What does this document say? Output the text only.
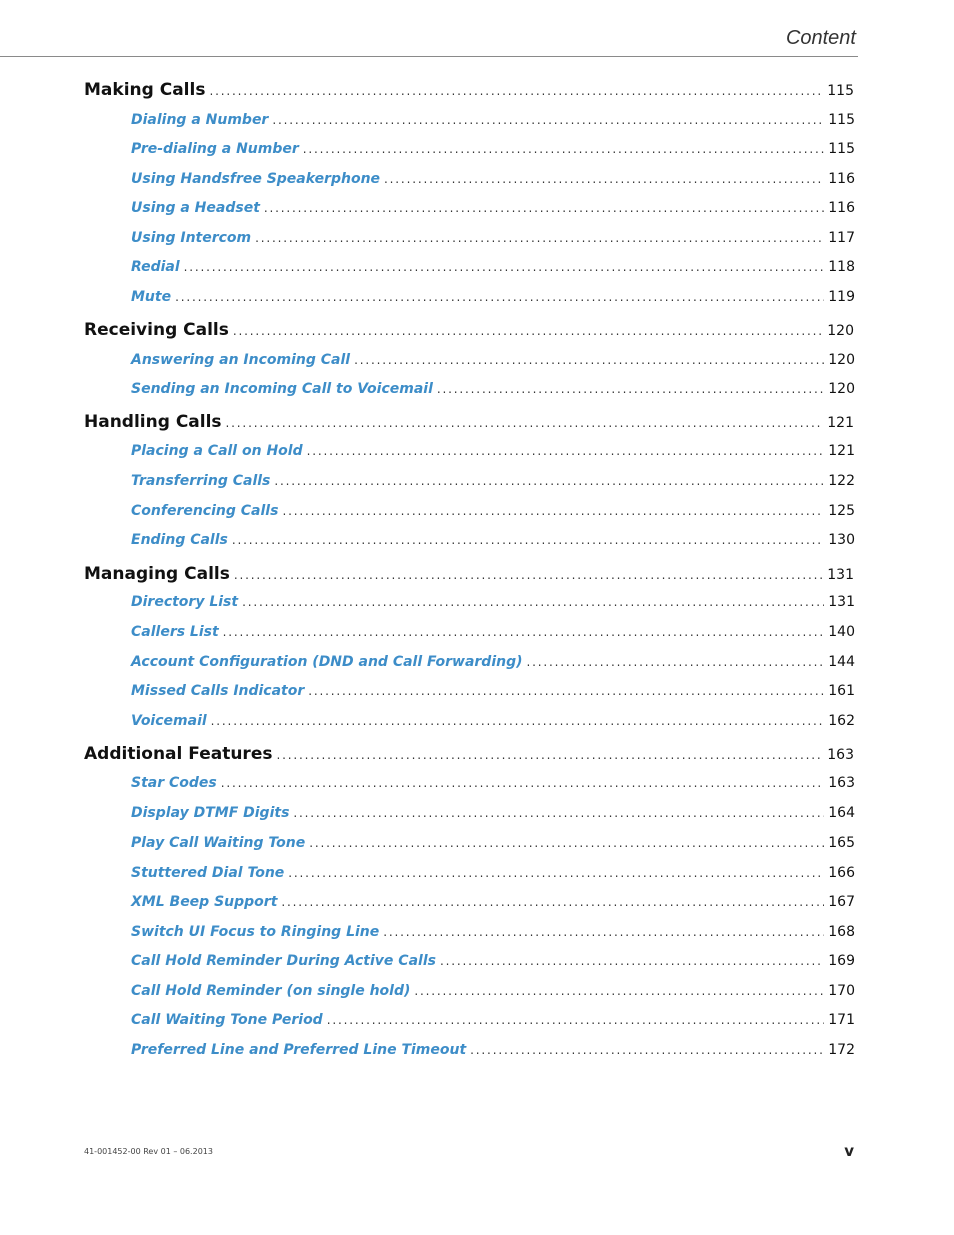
Content
Making Calls . . .	115
Dialing a Number . . .	115
Pre-dialing a Number . . .	115
Using Handsfree Speakerphone . . .	116
Using a Headset . . .	116
Using Intercom . . .	117
Redial . . .	118
Mute . . .	119
Receiving Calls . . .	120
Answering an Incoming Call . . .	120
Sending an Incoming Call to Voicemail . . .	120
Handling Calls . . .	121
Placing a Call on Hold . . .	121
Transferring Calls . . .	122
Conferencing Calls . . .	125
Ending Calls . . .	130
Managing Calls . . .	131
Directory List . . .	131
Callers List . . .	140
Account Configuration (DND and Call Forwarding) . . .	144
Missed Calls Indicator . . .	161
Voicemail . . .	162
Additional Features . . .	163
Star Codes . . .	163
Display DTMF Digits . . .	164
Play Call Waiting Tone . . .	165
Stuttered Dial Tone . . .	166
XML Beep Support . . .	167
Switch UI Focus to Ringing Line . . .	168
Call Hold Reminder During Active Calls . . .	169
Call Hold Reminder (on single hold) . . .	170
Call Waiting Tone Period . . .	171
Preferred Line and Preferred Line Timeout . . .	172
41-001452-00 Rev 01 – 06.2013	v
